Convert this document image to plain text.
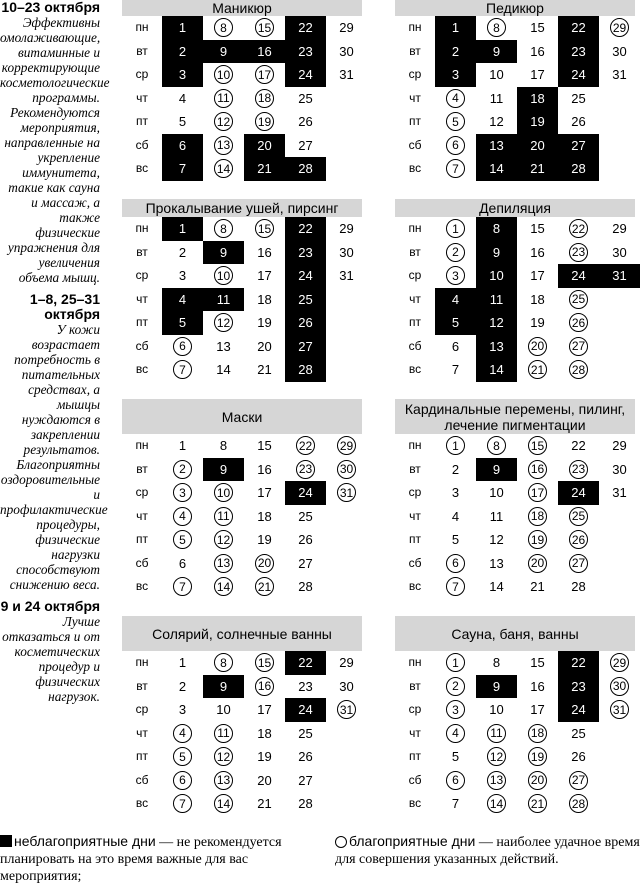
10–23 октября
Эффективны омолаживающие, витаминные и корректирующие косметологические программы. Рекомендуются мероприятия, направленные на укрепление иммунитета, такие как сауна и массаж, а также физические упражнения для увеличения объема мышц.
1–8, 25–31 октября
У кожи возрастает потребность в питательных средствах, а мышцы нуждаются в закреплении результатов. Благоприятны оздоровительные и профилактические процедуры, физические нагрузки способствуют снижению веса.
9 и 24 октября
Лучше отказаться и от косметических процедур и физических нагрузок.
Маникюр
пн	1	8	15 22 29
вт	2	9	16 23 30
ср	3	10 17 24 31
чт	4	11 18 25
пт	5	12 19 26
сб	6	13 20 27
вс	7	14 21 28
Педикюр
пн	1	8	15 22 29
вт	2	9	16 23 30
ср	3	10 17 24 31
чт	4	11 18 25
пт	5	12 19 26
сб	6	13 20 27
вс	7	14 21 28
Прокалывание ушей, пирсинг
пн	1	8	15 22 29
вт	2	9	16 23 30
ср	3	10 17 24 31
чт	4	11 18 25
пт	5	12 19 26
сб	6	13 20 27
вс	7	14 21 28
Депиляция
пн	1	8	15 22 29
вт	2	9	16 23 30
ср	3	10 17 24 31
чт	4	11 18 25
пт	5	12 19 26
сб	6	13 20 27
вс	7	14 21 28
Маски
пн	1	8	15 22 29
вт	2	9	16 23 30
ср	3	10 17 24 31
чт	4	11 18 25
пт	5	12 19 26
сб	6	13 20 27
вс	7	14 21 28
Кардинальные перемены, пилинг, лечение пигментации
пн	1	8	15 22 29
вт	2	9	16 23 30
ср	3	10 17 24 31
чт	4	11 18 25
пт	5	12 19 26
сб	6	13 20 27
вс	7	14 21 28
Солярий, солнечные ванны
пн	1	8	15 22 29
вт	2	9	16 23 30
ср	3	10 17 24 31
чт	4	11 18 25
пт	5	12 19 26
сб	6	13 20 27
вс	7	14 21 28
Сауна, баня, ванны
пн	1	8	15 22 29
вт	2	9	16 23 30
ср	3	10 17 24 31
чт	4	11 18 25
пт	5	12 19 26
сб	6	13 20 27
вс	7	14 21 28
неблагоприятные дни — не рекомендуется планировать на это время важные для вас мероприятия;
благоприятные дни — наиболее удачное время для совершения указанных действий.
